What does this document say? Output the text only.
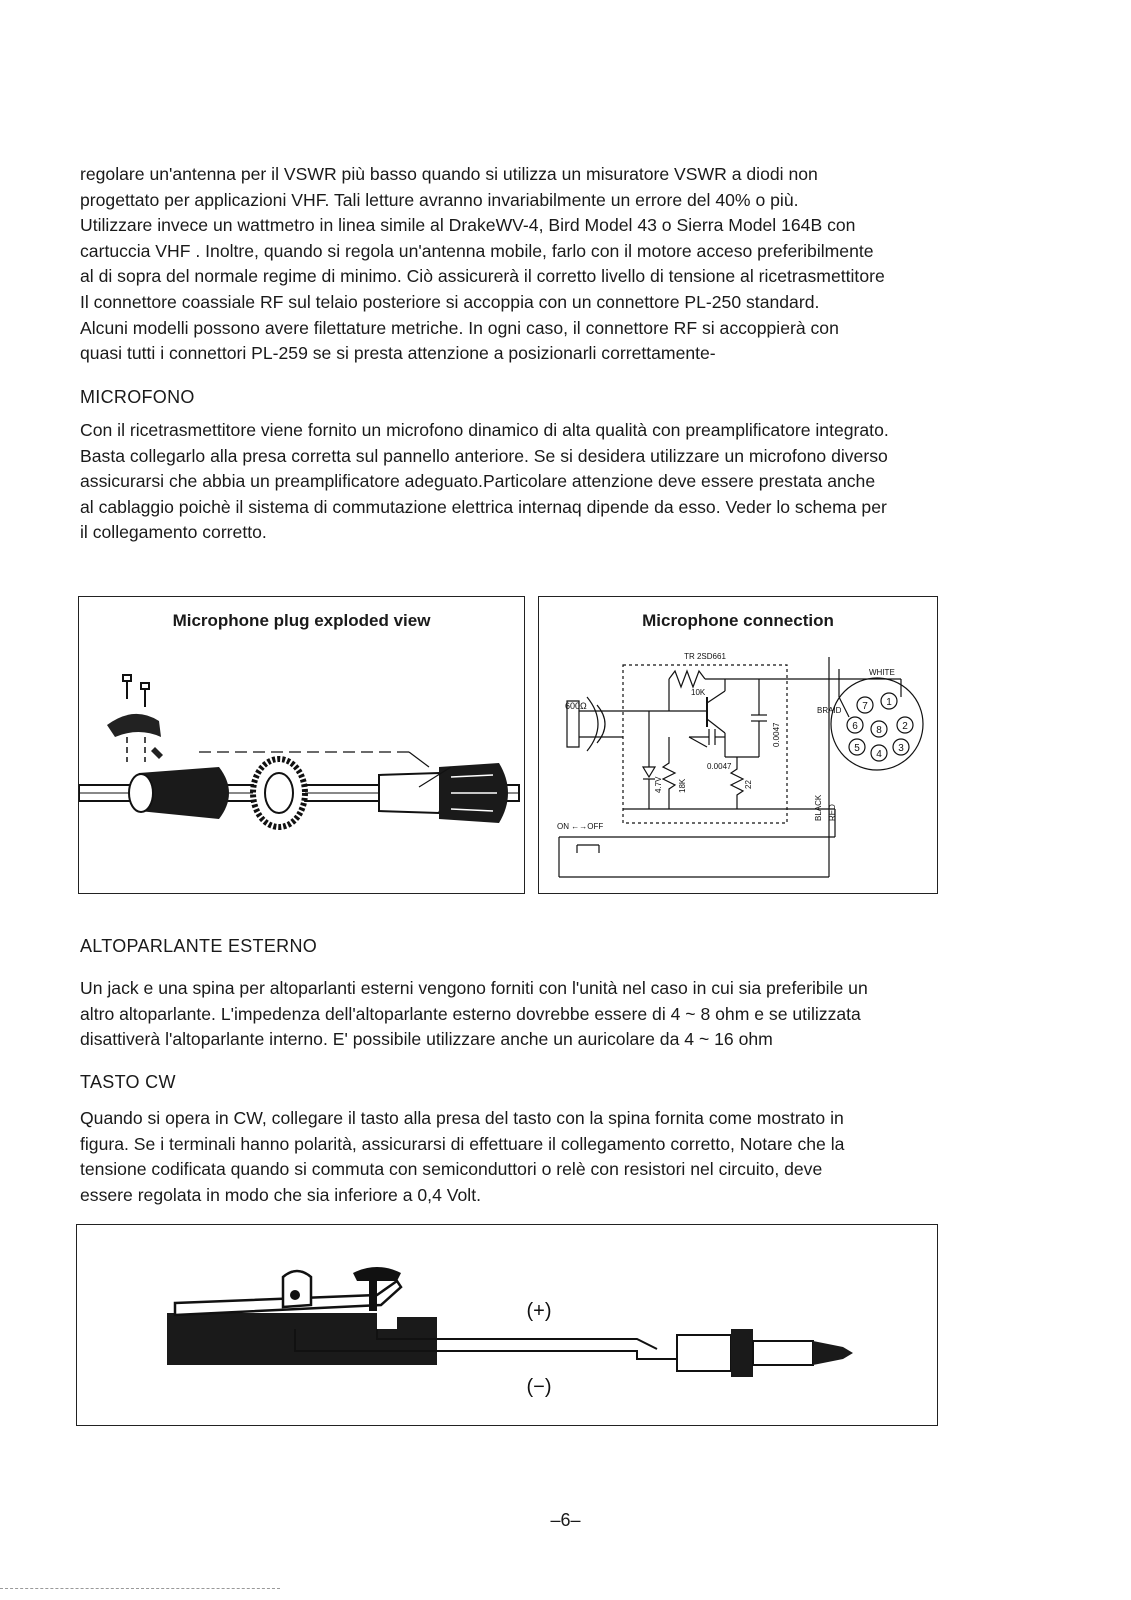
regolare un'antenna per il VSWR più basso quando si utilizza un misuratore VSWR a diodi non
progettato per applicazioni VHF. Tali letture avranno invariabilmente un errore del 40% o più.
Utilizzare invece un wattmetro in linea simile al DrakeWV-4, Bird Model 43 o Sierra Model 164B con
cartuccia VHF . Inoltre, quando si regola un'antenna mobile, farlo con il motore acceso preferibilmente
al di sopra del normale regime di minimo. Ciò assicurerà il corretto livello di tensione al ricetrasmettitore
Il connettore coassiale RF sul telaio posteriore si accoppia con un connettore PL-250 standard.
Alcuni modelli possono avere filettature metriche. In ogni caso, il connettore RF si accoppierà con
quasi tutti i connettori PL-259 se si presta attenzione a posizionarli correttamente-
MICROFONO
Con il ricetrasmettitore viene fornito un microfono dinamico di alta qualità con preamplificatore integrato.
Basta collegarlo alla presa corretta sul pannello anteriore. Se si desidera utilizzare un microfono diverso
assicurarsi che abbia un preamplificatore adeguato.Particolare attenzione deve essere prestata anche
al cablaggio poichè il sistema di commutazione elettrica internaq dipende da esso. Veder lo schema per
il collegamento corretto.
Microphone plug exploded view	Microphone connection
7 1
6 8 2
5
4
3
TR 2SD661
10K
600Ω
0.0047
0.0047
4.7V 18K	22
ON ←→OFF
WHITE
BRAID
BLACK RED
ALTOPARLANTE ESTERNO
Un jack e una spina per altoparlanti esterni vengono forniti con l'unità nel caso in cui sia preferibile un
altro altoparlante. L'impedenza dell'altoparlante esterno dovrebbe essere di 4 ~ 8 ohm e se utilizzata
disattiverà l'altoparlante interno. E' possibile utilizzare anche un auricolare da 4 ~ 16 ohm
TASTO CW
Quando si opera in CW, collegare il tasto alla presa del tasto con la spina fornita come mostrato in
figura. Se i terminali hanno polarità, assicurarsi di effettuare il collegamento corretto, Notare che la
tensione codificata quando si commuta con semiconduttori o relè con resistori nel circuito, deve
essere regolata in modo che sia inferiore a 0,4 Volt.
(+)
(−)
–6–
